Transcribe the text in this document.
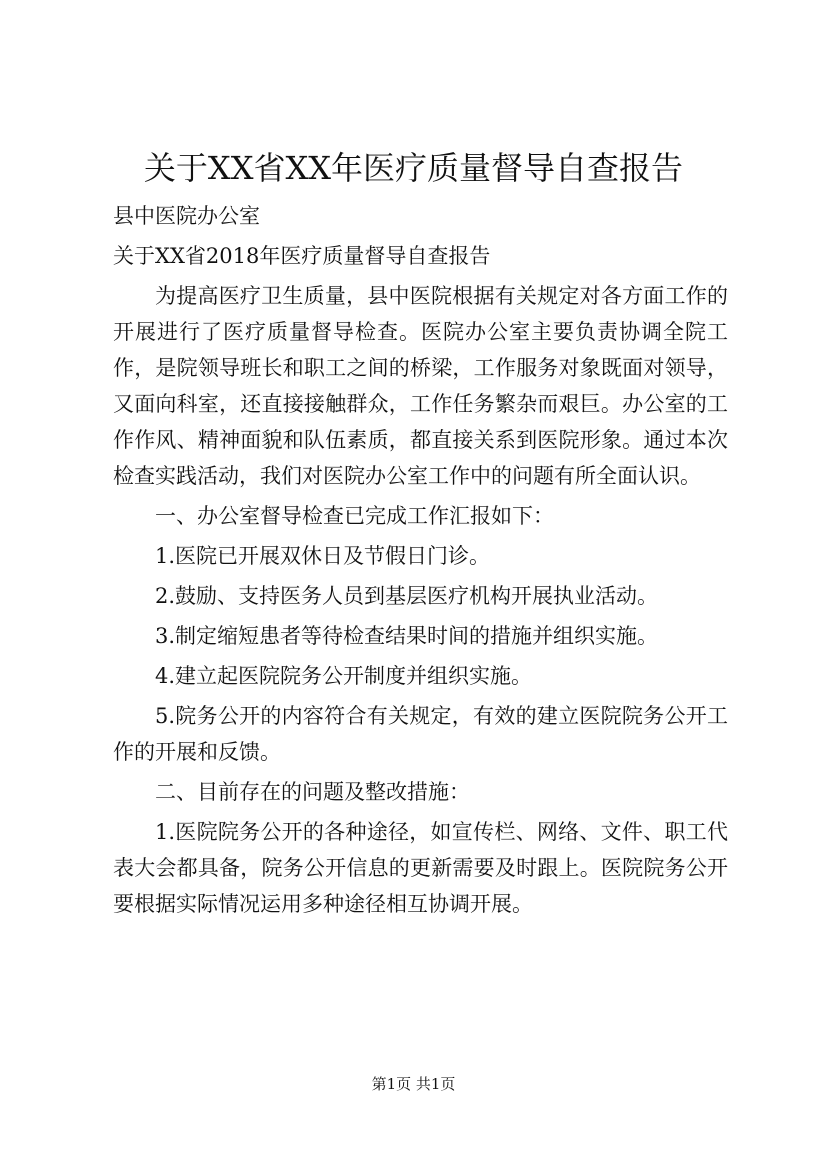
关于XX省XX年医疗质量督导自查报告

县中医院办公室

关于XX省2018年医疗质量督导自查报告

为提高医疗卫生质量，县中医院根据有关规定对各方面工作的开展进行了医疗质量督导检查。医院办公室主要负责协调全院工作，是院领导班长和职工之间的桥梁，工作服务对象既面对领导，又面向科室，还直接接触群众，工作任务繁杂而艰巨。办公室的工作作风、精神面貌和队伍素质，都直接关系到医院形象。通过本次检查实践活动，我们对医院办公室工作中的问题有所全面认识。

一、办公室督导检查已完成工作汇报如下：

1.医院已开展双休日及节假日门诊。

2.鼓励、支持医务人员到基层医疗机构开展执业活动。

3.制定缩短患者等待检查结果时间的措施并组织实施。

4.建立起医院院务公开制度并组织实施。

5.院务公开的内容符合有关规定，有效的建立医院院务公开工作的开展和反馈。

二、目前存在的问题及整改措施：

1.医院院务公开的各种途径，如宣传栏、网络、文件、职工代表大会都具备，院务公开信息的更新需要及时跟上。医院院务公开要根据实际情况运用多种途径相互协调开展。

第1页 共1页
